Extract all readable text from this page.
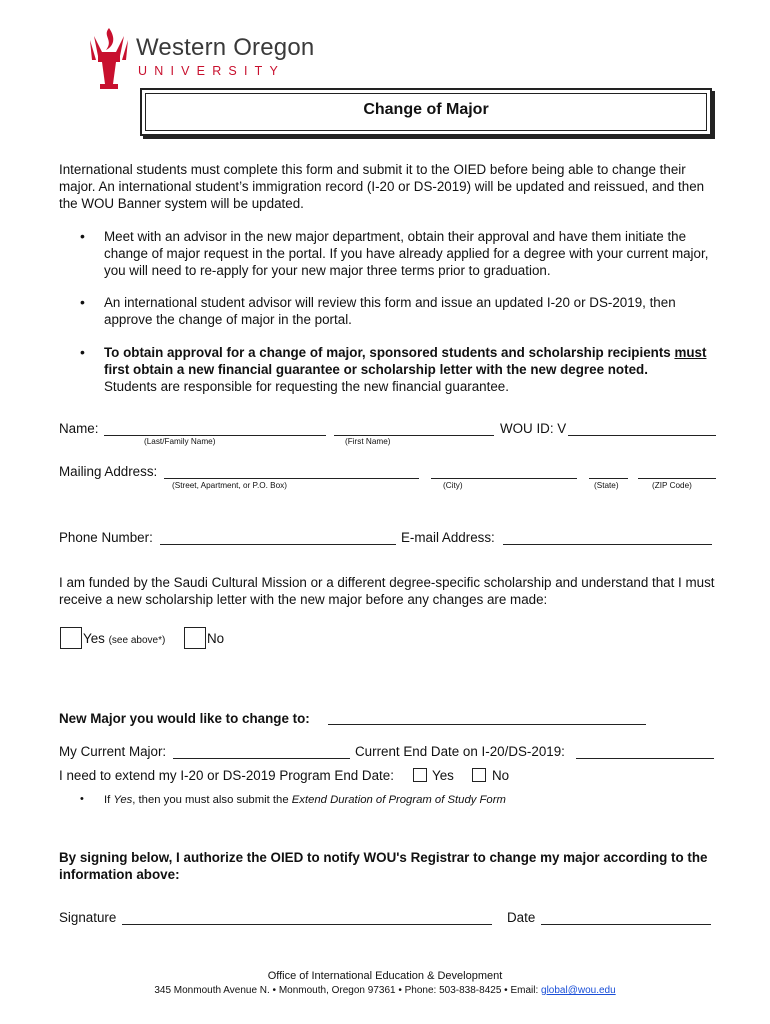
Western Oregon
UNIVERSITY
Change of Major
International students must complete this form and submit it to the OIED before being able to change their major. An international student’s immigration record (I-20 or DS-2019) will be updated and reissued, and then the WOU Banner system will be updated.
• Meet with an advisor in the new major department, obtain their approval and have them initiate the change of major request in the portal. If you have already applied for a degree with your current major, you will need to re-apply for your new major three terms prior to graduation.
• An international student advisor will review this form and issue an updated I-20 or DS-2019, then approve the change of major in the portal.
• To obtain approval for a change of major, sponsored students and scholarship recipients must first obtain a new financial guarantee or scholarship letter with the new degree noted.
Students are responsible for requesting the new financial guarantee.
Name:	WOU ID: V
(Last/Family Name)	(First Name)
Mailing Address:
(Street, Apartment, or P.O. Box)	(City)	(State)	(ZIP Code)
Phone Number:	E-mail Address:
I am funded by the Saudi Cultural Mission or a different degree-specific scholarship and understand that I must receive a new scholarship letter with the new major before any changes are made:
Yes (see above*)	No
New Major you would like to change to:
My Current Major:	Current End Date on I-20/DS-2019:
I need to extend my I-20 or DS-2019 Program End Date:	Yes	No
• If Yes, then you must also submit the Extend Duration of Program of Study Form
By signing below, I authorize the OIED to notify WOU's Registrar to change my major according to the information above:
Signature	Date
Office of International Education & Development
345 Monmouth Avenue N. • Monmouth, Oregon 97361 • Phone: 503-838-8425 • Email: global@wou.edu
